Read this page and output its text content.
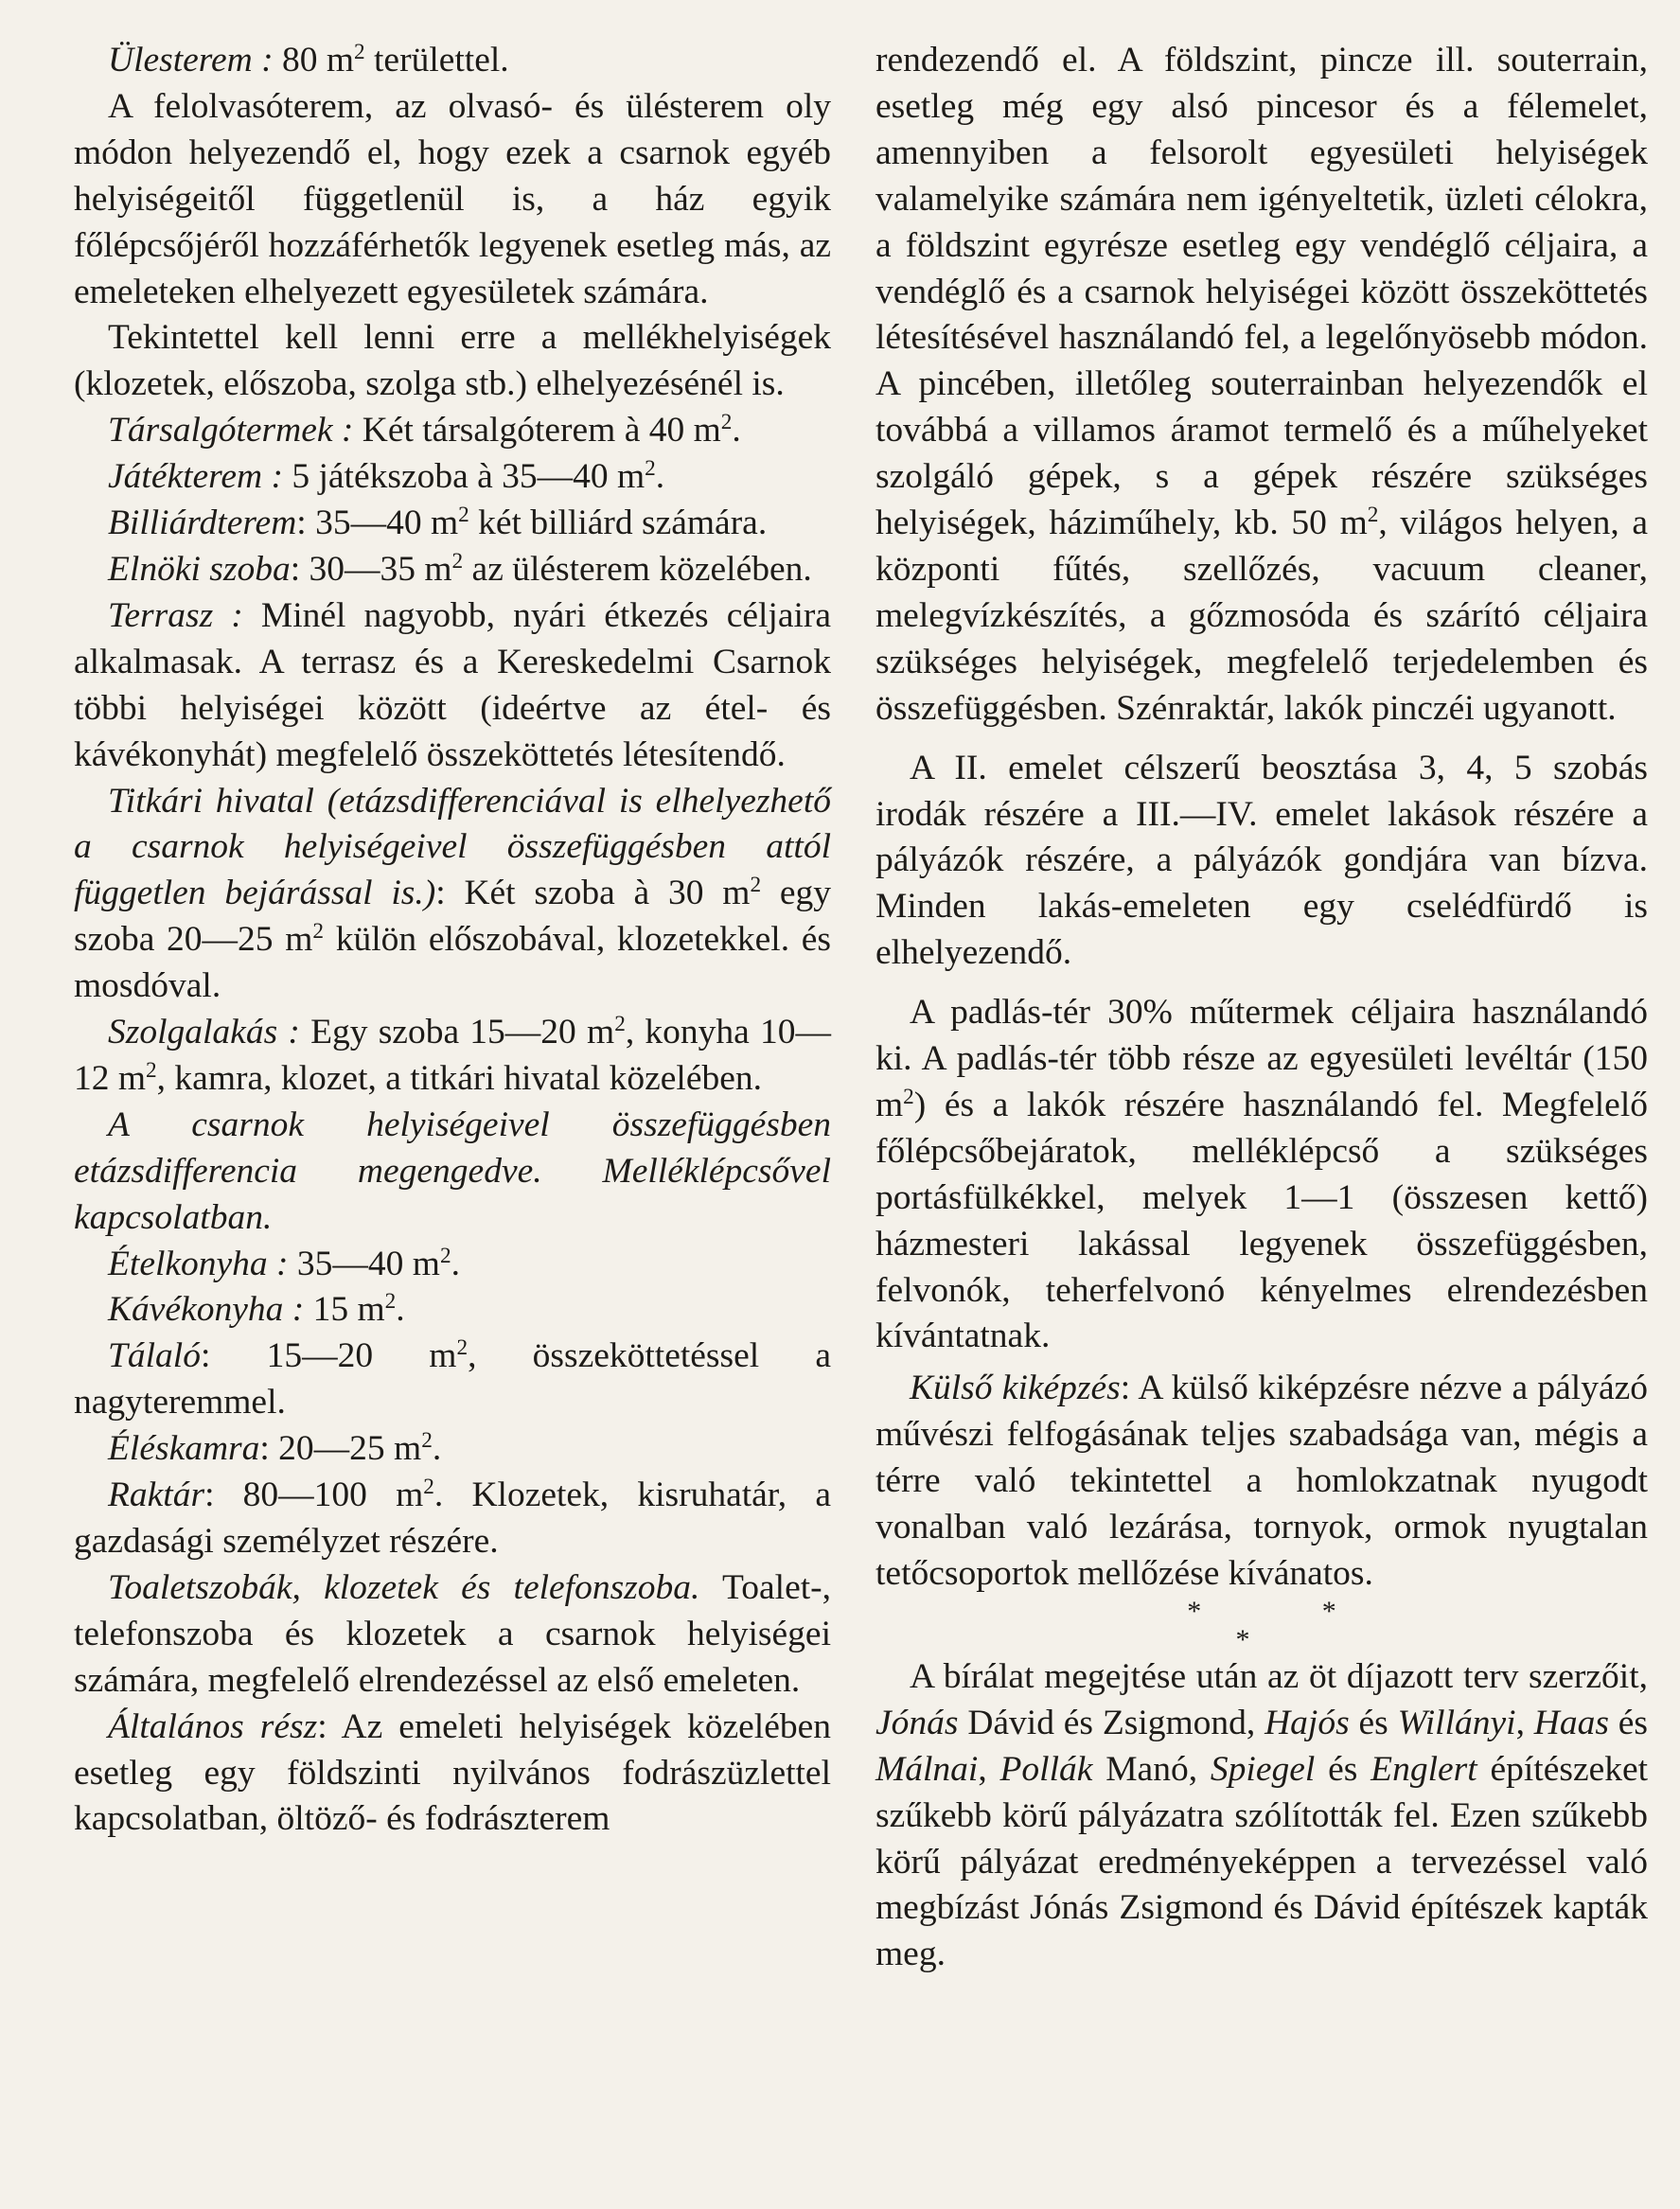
Ülesterem : 80 $m^2$ területtel.

A felolvasóterem, az olvasó- és ülésterem oly módon helyezendő el, hogy ezek a csarnok egyéb helyiségeitől függetlenül is, a ház egyik főlépcsőjéről hozzáférhetők legyenek esetleg más, az emeleteken elhelyezett egyesületek számára.

Tekintettel kell lenni erre a mellékhelyiségek (klozetek, előszoba, szolga stb.) elhelyezésénél is.

Társalgótermek : Két társalgóterem à 40 $m^2$.

Játékterem : 5 játékszoba à 35—40 $m^2$.

Billiárdterem: 35—40 $m^2$ két billiárd számára.

Elnöki szoba: 30—35 $m^2$ az ülésterem közelében.

Terrasz : Minél nagyobb, nyári étkezés céljaira alkalmasak. A terrasz és a Kereskedelmi Csarnok többi helyiségei között (ideértve az étel- és kávékonyhát) megfelelő összeköttetés létesítendő.

Titkári hivatal (etázsdifferenciával is elhelyezhető a csarnok helyiségeivel összefüggésben attól független bejárással is.): Két szoba à 30 $m^2$ egy szoba 20—25 $m^2$ külön előszobával, klozetekkel. és mosdóval.

Szolgalakás : Egy szoba 15—20 $m^2$, konyha 10—12 $m^2$, kamra, klozet, a titkári hivatal közelében.

A csarnok helyiségeivel összefüggésben etázsdifferencia megengedve. Melléklépcsővel kapcsolatban.

Ételkonyha : 35—40 $m^2$.

Kávékonyha : 15 $m^2$.

Tálaló: 15—20 $m^2$, összeköttetéssel a nagyteremmel.

Éléskamra: 20—25 $m^2$.

Raktár: 80—100 $m^2$. Klozetek, kisruhatár, a gazdasági személyzet részére.

Toaletszobák, klozetek és telefonszoba. Toalet-, telefonszoba és klozetek a csarnok helyiségei számára, megfelelő elrendezéssel az első emeleten.

Általános rész: Az emeleti helyiségek közelében esetleg egy földszinti nyilvános fodrászüzlettel kapcsolatban, öltöző- és fodrászterem

rendezendő el. A földszint, pincze ill. souterrain, esetleg még egy alsó pincesor és a félemelet, amennyiben a felsorolt egyesületi helyiségek valamelyike számára nem igényeltetik, üzleti célokra, a földszint egyrésze esetleg egy vendéglő céljaira, a vendéglő és a csarnok helyiségei között összeköttetés létesítésével használandó fel, a legelőnyösebb módon. A pincében, illetőleg souterrainban helyezendők el továbbá a villamos áramot termelő és a műhelyeket szolgáló gépek, s a gépek részére szükséges helyiségek, háziműhely, kb. 50 $m^2$, világos helyen, a központi fűtés, szellőzés, vacuum cleaner, melegvízkészítés, a gőzmosóda és szárító céljaira szükséges helyiségek, megfelelő terjedelemben és összefüggésben. Szénraktár, lakók pinczéi ugyanott.

A II. emelet célszerű beosztása 3, 4, 5 szobás irodák részére a III.—IV. emelet lakások részére a pályázók részére, a pályázók gondjára van bízva. Minden lakás-emeleten egy cselédfürdő is elhelyezendő.

A padlás-tér 30% műtermek céljaira használandó ki. A padlás-tér több része az egyesületi levéltár (150 $m^2$) és a lakók részére használandó fel. Megfelelő főlépcsőbejáratok, melléklépcső a szükséges portásfülkékkel, melyek 1—1 (összesen kettő) házmesteri lakással legyenek összefüggésben, felvonók, teherfelvonó kényelmes elrendezésben kívántatnak.

Külső kiképzés: A külső kiképzésre nézve a pályázó művészi felfogásának teljes szabadsága van, mégis a térre való tekintettel a homlokzatnak nyugodt vonalban való lezárása, tornyok, ormok nyugtalan tetőcsoportok mellőzése kívánatos.

* *

*

A bírálat megejtése után az öt díjazott terv szerzőit, Jónás Dávid és Zsigmond, Hajós és Willányi, Haas és Málnai, Pollák Manó, Spiegel és Englert építészeket szűkebb körű pályázatra szólították fel. Ezen szűkebb körű pályázat eredményeképpen a tervezéssel való megbízást Jónás Zsigmond és Dávid építészek kapták meg.
